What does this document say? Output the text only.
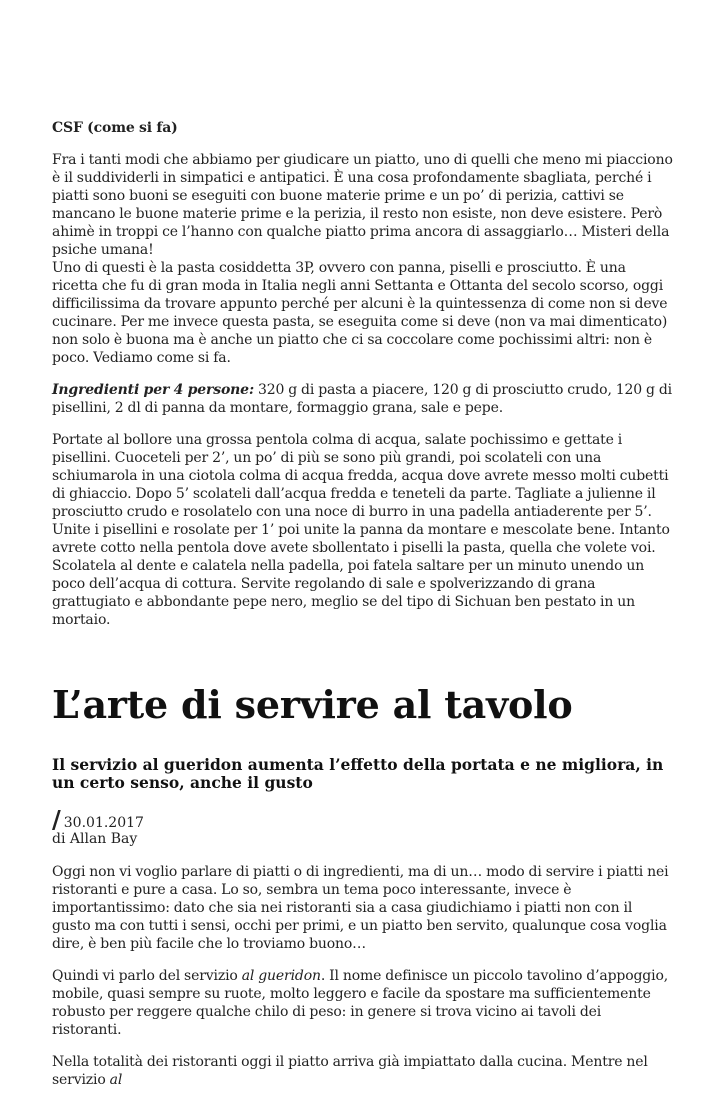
CSF (come si fa)

Fra i tanti modi che abbiamo per giudicare un piatto, uno di quelli che meno mi piacciono è il suddividerli in simpatici e antipatici. È una cosa profondamente sbagliata, perché i piatti sono buoni se eseguiti con buone materie prime e un po’ di perizia, cattivi se mancano le buone materie prime e la perizia, il resto non esiste, non deve esistere. Però ahimè in troppi ce l’hanno con qualche piatto prima ancora di assaggiarlo… Misteri della psiche umana!

Uno di questi è la pasta cosiddetta 3P, ovvero con panna, piselli e prosciutto. È una ricetta che fu di gran moda in Italia negli anni Settanta e Ottanta del secolo scorso, oggi difficilissima da trovare appunto perché per alcuni è la quintessenza di come non si deve cucinare. Per me invece questa pasta, se eseguita come si deve (non va mai dimenticato) non solo è buona ma è anche un piatto che ci sa coccolare come pochissimi altri: non è poco. Vediamo come si fa.

Ingredienti per 4 persone: 320 g di pasta a piacere, 120 g di prosciutto crudo, 120 g di pisellini, 2 dl di panna da montare, formaggio grana, sale e pepe.

Portate al bollore una grossa pentola colma di acqua, salate pochissimo e gettate i pisellini. Cuoceteli per 2’, un po’ di più se sono più grandi, poi scolateli con una schiumarola in una ciotola colma di acqua fredda, acqua dove avrete messo molti cubetti di ghiaccio. Dopo 5’ scolateli dall’acqua fredda e teneteli da parte. Tagliate a julienne il prosciutto crudo e rosolatelo con una noce di burro in una padella antiaderente per 5’. Unite i pisellini e rosolate per 1’ poi unite la panna da montare e mescolate bene. Intanto avrete cotto nella pentola dove avete sbollentato i piselli la pasta, quella che volete voi. Scolatela al dente e calatela nella padella, poi fatela saltare per un minuto unendo un poco dell’acqua di cottura. Servite regolando di sale e spolverizzando di grana grattugiato e abbondante pepe nero, meglio se del tipo di Sichuan ben pestato in un mortaio.

L’arte di servire al tavolo
Il servizio al gueridon aumenta l’effetto della portata e ne migliora, in un certo senso, anche il gusto
/ 30.01.2017
di Allan Bay

Oggi non vi voglio parlare di piatti o di ingredienti, ma di un… modo di servire i piatti nei ristoranti e pure a casa. Lo so, sembra un tema poco interessante, invece è importantissimo: dato che sia nei ristoranti sia a casa giudichiamo i piatti non con il gusto ma con tutti i sensi, occhi per primi, e un piatto ben servito, qualunque cosa voglia dire, è ben più facile che lo troviamo buono…

Quindi vi parlo del servizio al gueridon. Il nome definisce un piccolo tavolino d’appoggio, mobile, quasi sempre su ruote, molto leggero e facile da spostare ma sufficientemente robusto per reggere qualche chilo di peso: in genere si trova vicino ai tavoli dei ristoranti.

Nella totalità dei ristoranti oggi il piatto arriva già impiattato dalla cucina. Mentre nel servizio al
